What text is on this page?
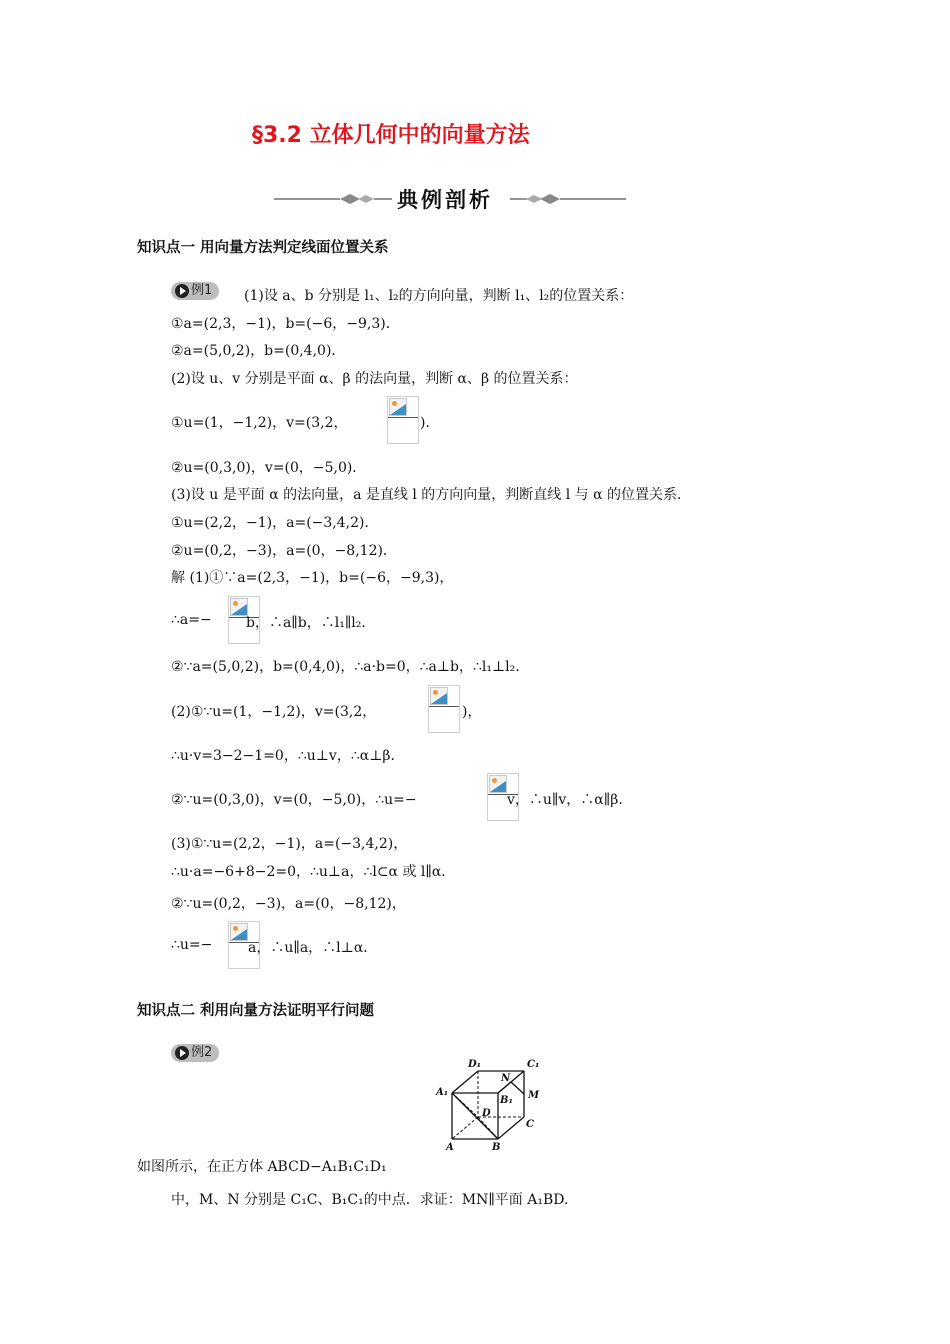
§3.2 立体几何中的向量方法
典例剖析
知识点一 用向量方法判定线面位置关系
例1 (1)设 a、b 分别是 l₁、l₂的方向向量，判断 l₁、l₂的位置关系：
①a=(2,3，−1)，b=(−6，−9,3)．
②a=(5,0,2)，b=(0,4,0)．
(2)设 u、v 分别是平面 α、β 的法向量，判断 α、β 的位置关系：
①u=(1，−1,2)，v=(3,2，	)．
②u=(0,3,0)，v=(0，−5,0)．
(3)设 u 是平面 α 的法向量，a 是直线 l 的方向向量，判断直线 l 与 α 的位置关系．
①u=(2,2，−1)，a=(−3,4,2)．
②u=(0,2，−3)，a=(0，−8,12)．
解 (1)①∵a=(2,3，−1)，b=(−6，−9,3)，
∴a=− b，∴a∥b，∴l₁∥l₂.
②∵a=(5,0,2)，b=(0,4,0)，∴a·b=0，∴a⊥b，∴l₁⊥l₂.
(2)①∵u=(1，−1,2)，v=(3,2，	)，
∴u·v=3−2−1=0，∴u⊥v，∴α⊥β.
②∵u=(0,3,0)，v=(0，−5,0)，∴u=−	v，∴u∥v，∴α∥β.
(3)①∵u=(2,2，−1)，a=(−3,4,2)，
∴u·a=−6+8−2=0，∴u⊥a，∴l⊂α 或 l∥α．
②∵u=(0,2，−3)，a=(0，−8,12)，
∴u=−	a，∴u∥a，∴l⊥α．
知识点二 利用向量方法证明平行问题
例2
D₁	C₁
N
A₁
B₁ M
D
C
A	B
如图所示，在正方体 ABCD−A₁B₁C₁D₁
中，M、N 分别是 C₁C、B₁C₁的中点．求证：MN∥平面 A₁BD.
